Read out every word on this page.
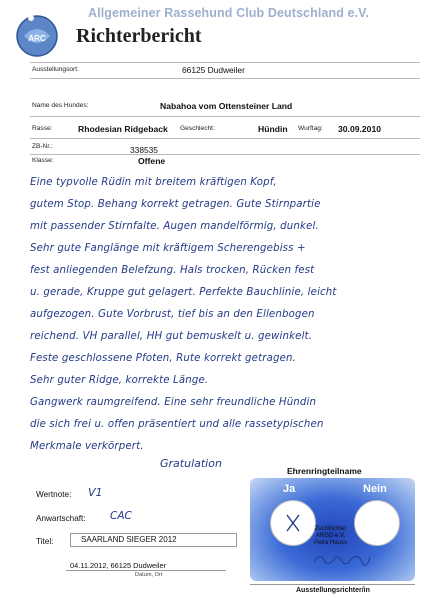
ARC
Allgemeiner Rassehund Club Deutschland e.V.
Richterbericht
Ausstellungsort:	66125 Dudweiler
Name des Hundes:	Nabahoa vom Ottensteiner Land
Rasse:	Rhodesian Ridgeback Geschlecht:	Hündin Wurftag: 30.09.2010
ZB-Nr.:	338535
Klasse:	Offene
Eine typvolle Rüdin mit breitem kräftigen Kopf,
gutem Stop. Behang korrekt getragen. Gute Stirnpartie
mit passender Stirnfalte. Augen mandelförmig, dunkel.
Sehr gute Fanglänge mit kräftigem Scherengebiss +
fest anliegenden Belefzung. Hals trocken, Rücken fest
u. gerade, Kruppe gut gelagert. Perfekte Bauchlinie, leicht
aufgezogen. Gute Vorbrust, tief bis an den Ellenbogen
reichend. VH parallel, HH gut bemuskelt u. gewinkelt.
Feste geschlossene Pfoten, Rute korrekt getragen.
Sehr guter Ridge, korrekte Länge.
Gangwerk raumgreifend. Eine sehr freundliche Hündin
die sich frei u. offen präsentiert und alle rassetypischen
Merkmale verkörpert.
Gratulation
Ehrenringteilname
Ja	Nein
Zuchtrichter
ARGD e.V.
Petra Hauss
Ausstellungsrichter/in
Wertnote: V1
Anwartschaft: CAC
Titel:	SAARLAND SIEGER 2012
04.11.2012, 66125 Dudweiler
Datum, Ort
